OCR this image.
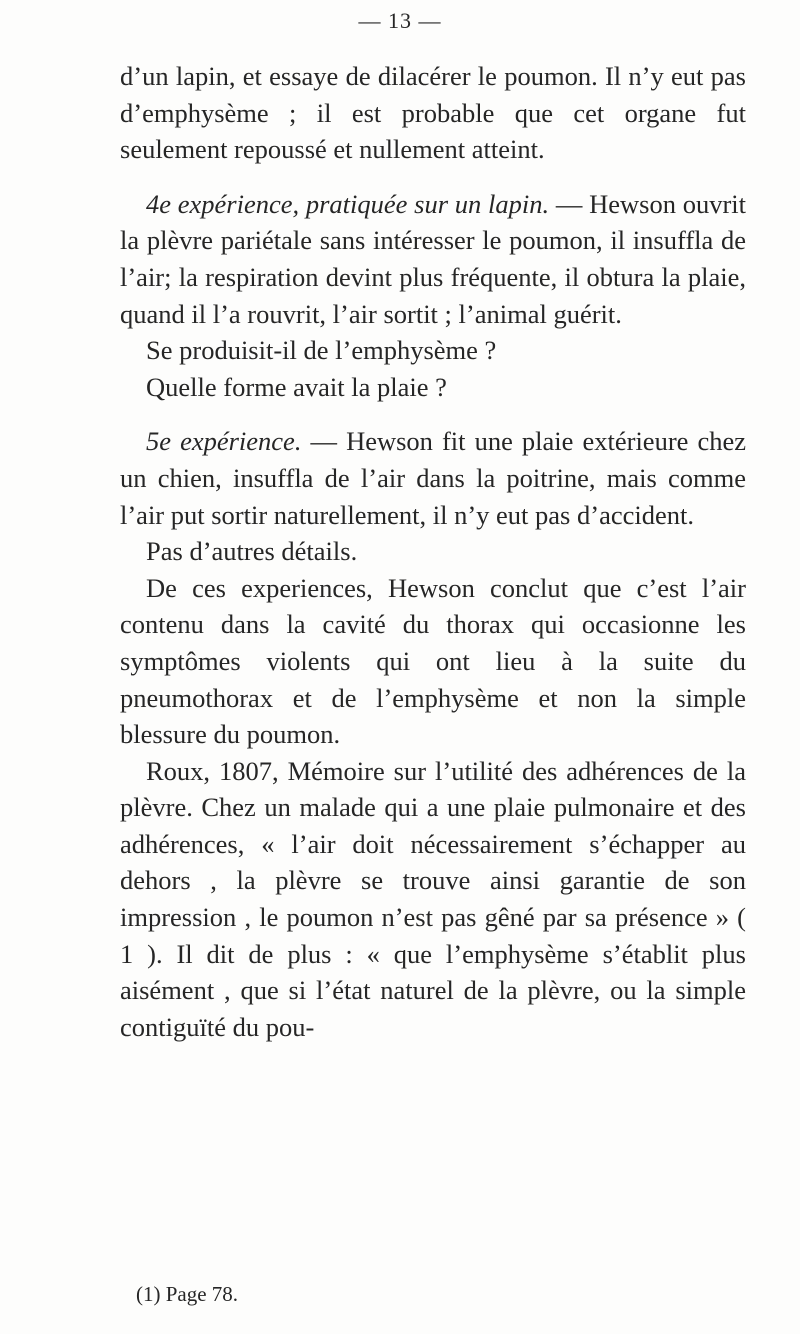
— 13 —

d’un lapin, et essaye de dilacérer le poumon. Il n’y eut pas d’emphysème ; il est probable que cet organe fut seulement repoussé et nullement atteint.

4e expérience, pratiquée sur un lapin. — Hewson ouvrit la plèvre pariétale sans intéresser le poumon, il insuffla de l’air; la respiration devint plus fréquente, il obtura la plaie, quand il l’a rouvrit, l’air sortit ; l’animal guérit.

Se produisit-il de l’emphysème ?

Quelle forme avait la plaie ?

5e expérience. — Hewson fit une plaie extérieure chez un chien, insuffla de l’air dans la poitrine, mais comme l’air put sortir naturellement, il n’y eut pas d’accident.

Pas d’autres détails.

De ces experiences, Hewson conclut que c’est l’air contenu dans la cavité du thorax qui occasionne les symptômes violents qui ont lieu à la suite du pneumothorax et de l’emphysème et non la simple blessure du poumon.

Roux, 1807, Mémoire sur l’utilité des adhérences de la plèvre. Chez un malade qui a une plaie pulmonaire et des adhérences, « l’air doit nécessairement s’échapper au dehors , la plèvre se trouve ainsi garantie de son impression , le poumon n’est pas gêné par sa présence » ( 1 ). Il dit de plus : « que l’emphysème s’établit plus aisément , que si l’état naturel de la plèvre, ou la simple contiguïté du pou-

(1) Page 78.
